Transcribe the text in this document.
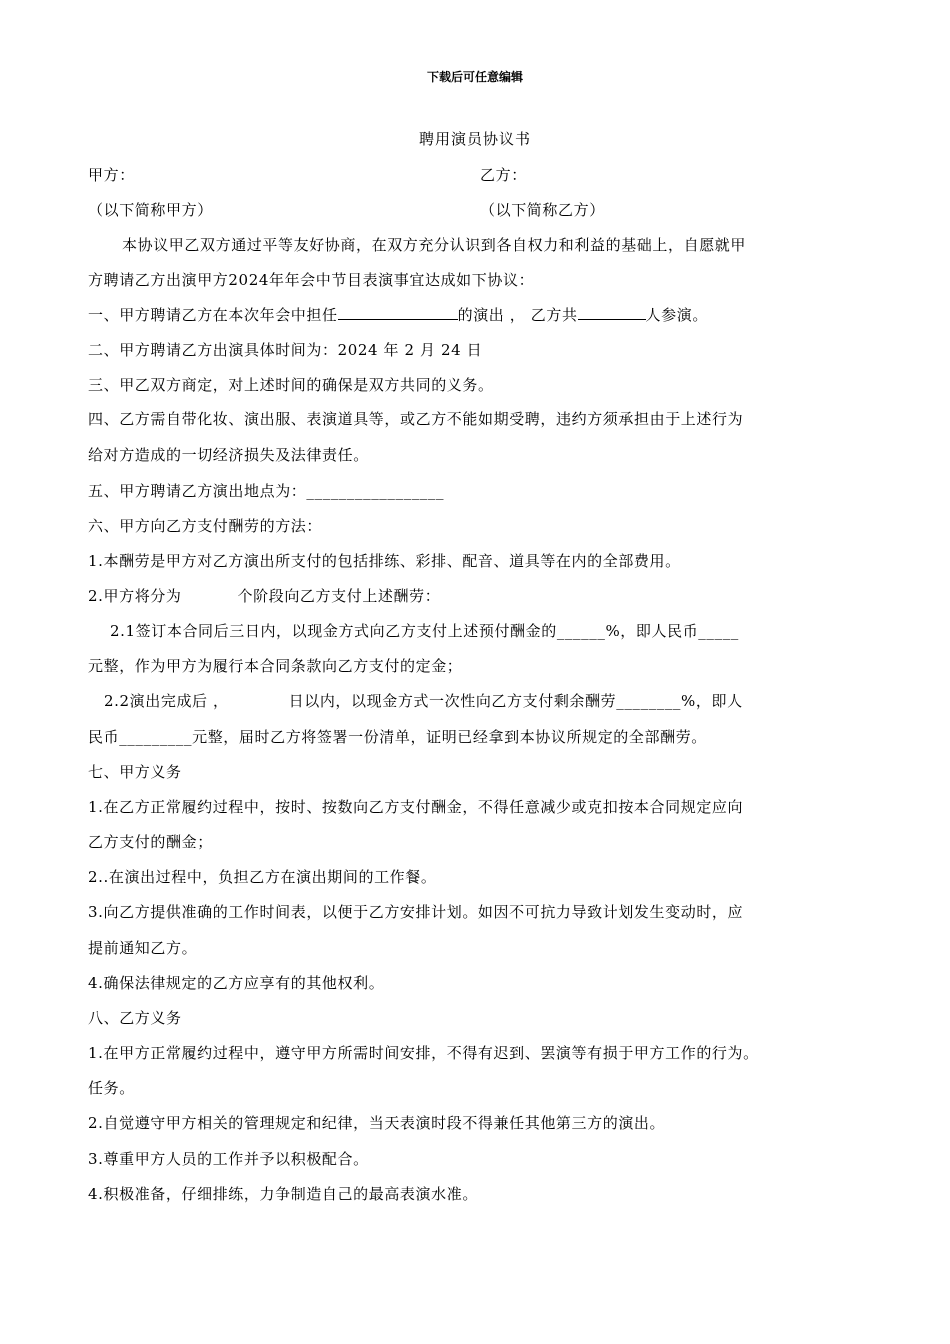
下载后可任意编辑
聘用演员协议书
甲方：	乙方：
（以下简称甲方）	（以下简称乙方）
本协议甲乙双方通过平等友好协商，在双方充分认识到各自权力和利益的基础上，自愿就甲
方聘请乙方出演甲方2024年年会中节目表演事宜达成如下协议：
一、甲方聘请乙方在本次年会中担任	的演出 ， 乙方共	人参演。
二、甲方聘请乙方出演具体时间为：2024 年 2 月 24 日
三、甲乙双方商定，对上述时间的确保是双方共同的义务。
四、乙方需自带化妆、演出服、表演道具等，或乙方不能如期受聘，违约方须承担由于上述行为
给对方造成的一切经济损失及法律责任。
五、甲方聘请乙方演出地点为：_________________
六、甲方向乙方支付酬劳的方法：
1.本酬劳是甲方对乙方演出所支付的包括排练、彩排、配音、道具等在内的全部费用。
2.甲方将分为	个阶段向乙方支付上述酬劳：
2.1签订本合同后三日内，以现金方式向乙方支付上述预付酬金的______%，即人民币_____
元整，作为甲方为履行本合同条款向乙方支付的定金；
2.2演出完成后 ，	日以内，以现金方式一次性向乙方支付剩余酬劳________%，即人
民币_________元整，届时乙方将签署一份清单，证明已经拿到本协议所规定的全部酬劳。
七、甲方义务
1.在乙方正常履约过程中，按时、按数向乙方支付酬金，不得任意减少或克扣按本合同规定应向
乙方支付的酬金；
2..在演出过程中，负担乙方在演出期间的工作餐。
3.向乙方提供准确的工作时间表，以便于乙方安排计划。如因不可抗力导致计划发生变动时，应
提前通知乙方。
4.确保法律规定的乙方应享有的其他权利。
八、乙方义务
1.在甲方正常履约过程中，遵守甲方所需时间安排，不得有迟到、罢演等有损于甲方工作的行为。
任务。
2.自觉遵守甲方相关的管理规定和纪律，当天表演时段不得兼任其他第三方的演出。
3.尊重甲方人员的工作并予以积极配合。
4.积极准备，仔细排练，力争制造自己的最高表演水准。
